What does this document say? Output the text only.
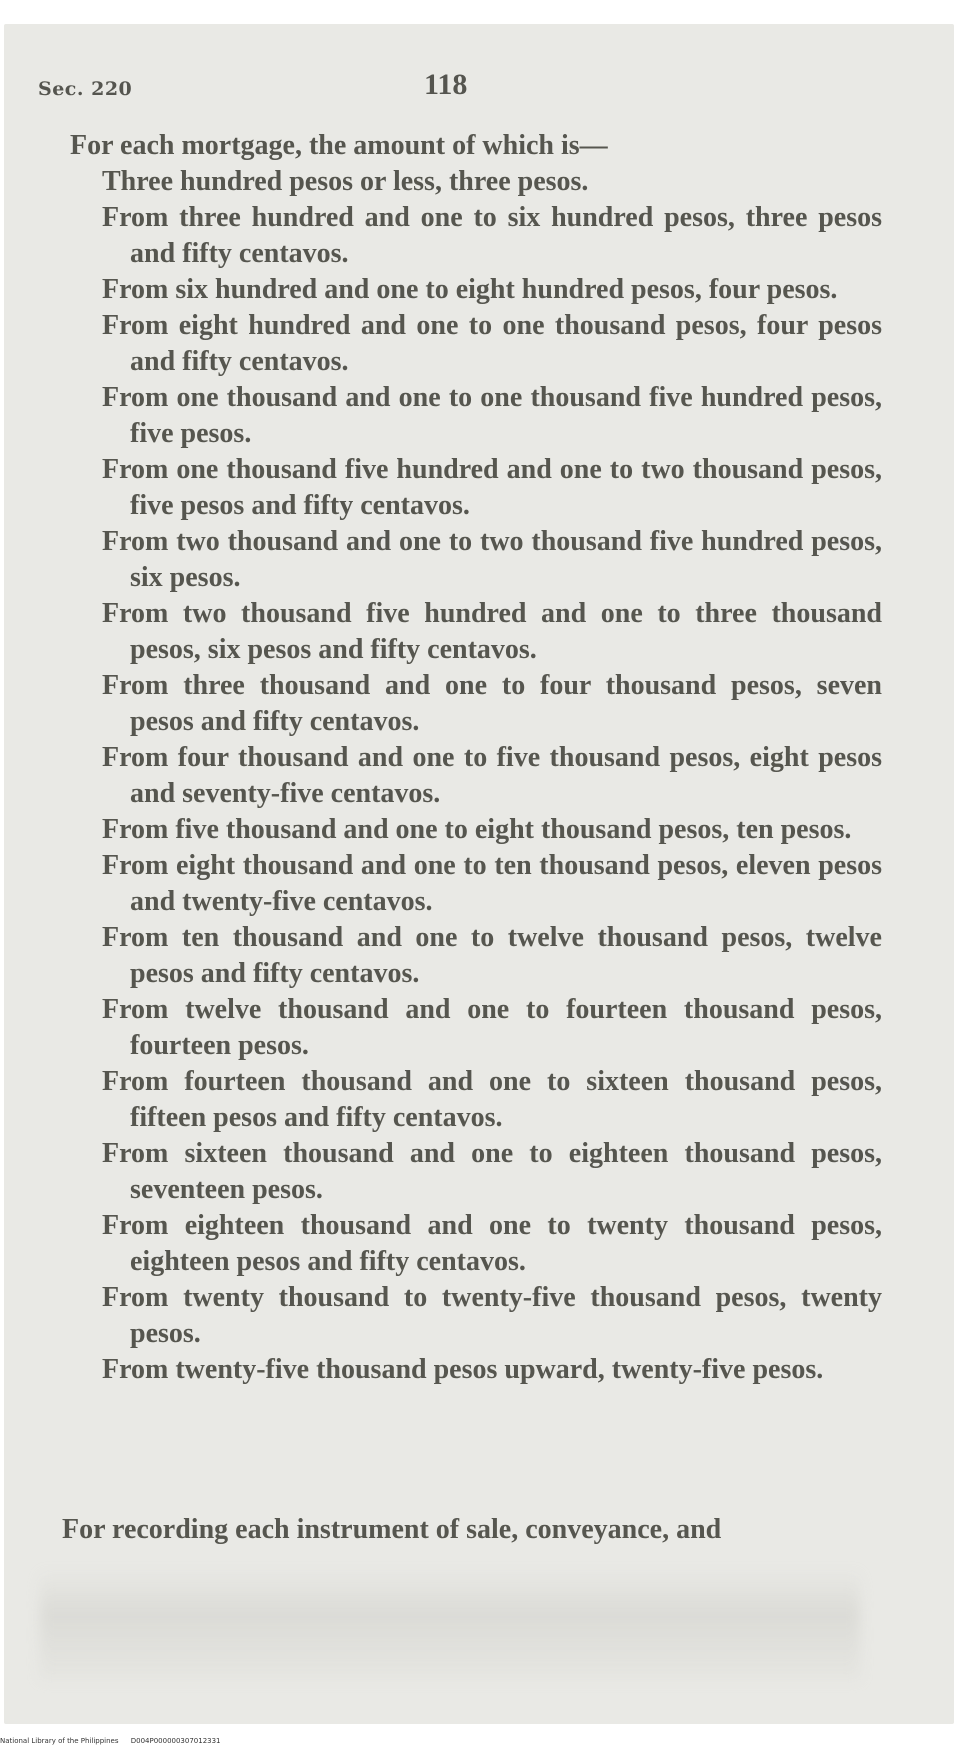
Sec. 220	118
For each mortgage, the amount of which is—
Three hundred pesos or less, three pesos.
From three hundred and one to six hundred pesos, three pesos and fifty centavos.
From six hundred and one to eight hundred pesos, four pesos.
From eight hundred and one to one thousand pesos, four pesos and fifty centavos.
From one thousand and one to one thousand five hundred pesos, five pesos.
From one thousand five hundred and one to two thousand pesos, five pesos and fifty centavos.
From two thousand and one to two thousand five hundred pesos, six pesos.
From two thousand five hundred and one to three thousand pesos, six pesos and fifty centavos.
From three thousand and one to four thousand pesos, seven pesos and fifty centavos.
From four thousand and one to five thousand pesos, eight pesos and seventy-five centavos.
From five thousand and one to eight thousand pesos, ten pesos.
From eight thousand and one to ten thousand pesos, eleven pesos and twenty-five centavos.
From ten thousand and one to twelve thousand pesos, twelve pesos and fifty centavos.
From twelve thousand and one to fourteen thousand pesos, fourteen pesos.
From fourteen thousand and one to sixteen thousand pesos, fifteen pesos and fifty centavos.
From sixteen thousand and one to eighteen thousand pesos, seventeen pesos.
From eighteen thousand and one to twenty thousand pesos, eighteen pesos and fifty centavos.
From twenty thousand to twenty-five thousand pesos, twenty pesos.
From twenty-five thousand pesos upward, twenty-five pesos.
For recording each instrument of sale, conveyance, and
National Library of the Philippines D004P000000307012331
